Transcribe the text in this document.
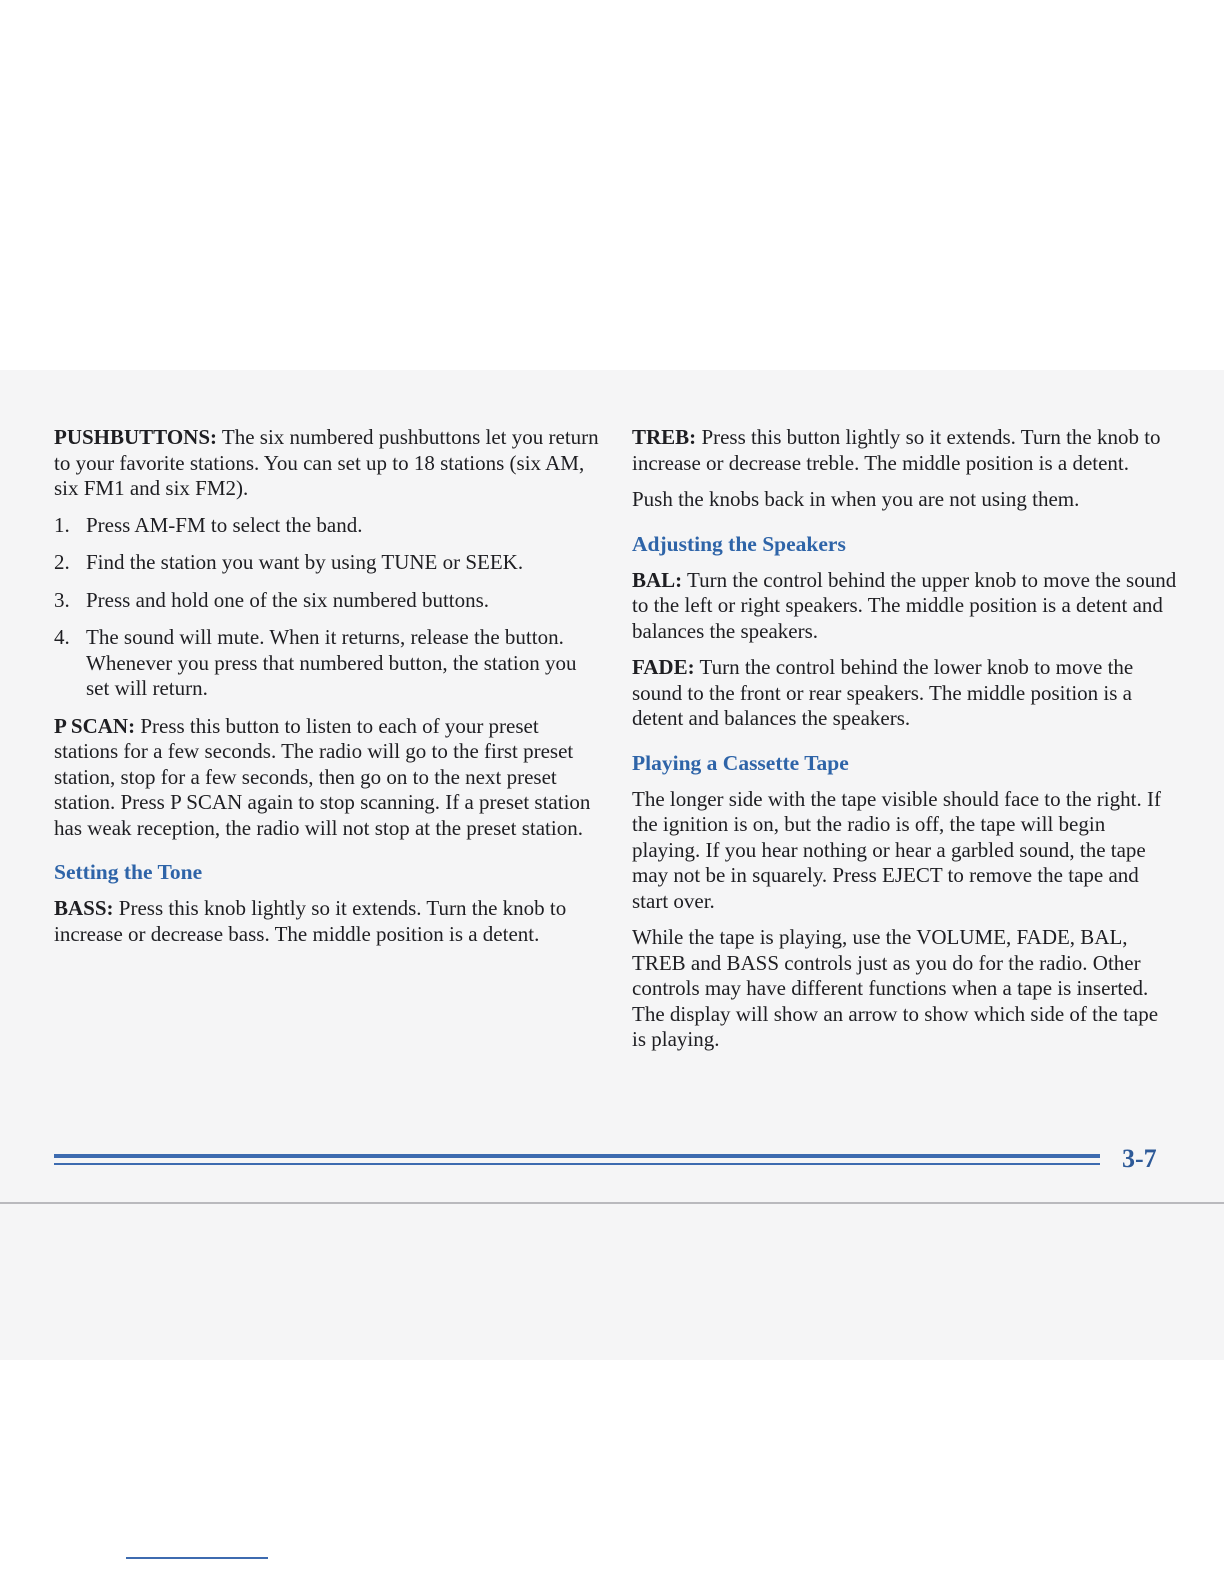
PUSHBUTTONS: The six numbered pushbuttons let you return to your favorite stations. You can set up to 18 stations (six AM, six FM1 and six FM2).

1. Press AM-FM to select the band.
2. Find the station you want by using TUNE or SEEK.
3. Press and hold one of the six numbered buttons.
4. The sound will mute. When it returns, release the button. Whenever you press that numbered button, the station you set will return.

P SCAN: Press this button to listen to each of your preset stations for a few seconds. The radio will go to the first preset station, stop for a few seconds, then go on to the next preset station. Press P SCAN again to stop scanning. If a preset station has weak reception, the radio will not stop at the preset station.

Setting the Tone

BASS: Press this knob lightly so it extends. Turn the knob to increase or decrease bass. The middle position is a detent.

TREB: Press this button lightly so it extends. Turn the knob to increase or decrease treble. The middle position is a detent.

Push the knobs back in when you are not using them.

Adjusting the Speakers

BAL: Turn the control behind the upper knob to move the sound to the left or right speakers. The middle position is a detent and balances the speakers.

FADE: Turn the control behind the lower knob to move the sound to the front or rear speakers. The middle position is a detent and balances the speakers.

Playing a Cassette Tape

The longer side with the tape visible should face to the right. If the ignition is on, but the radio is off, the tape will begin playing. If you hear nothing or hear a garbled sound, the tape may not be in squarely. Press EJECT to remove the tape and start over.

While the tape is playing, use the VOLUME, FADE, BAL, TREB and BASS controls just as you do for the radio. Other controls may have different functions when a tape is inserted. The display will show an arrow to show which side of the tape is playing.

3-7
